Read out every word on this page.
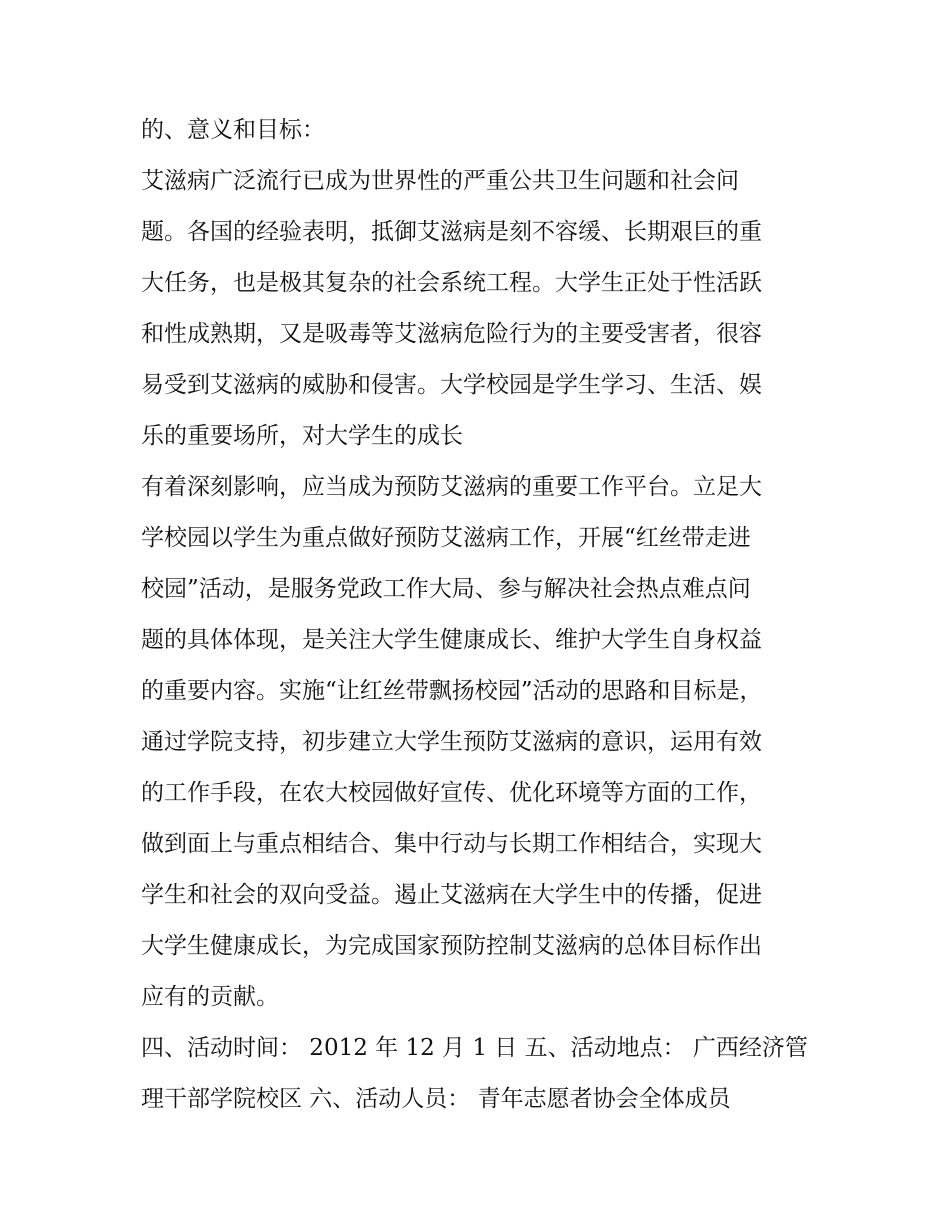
的、意义和目标：
艾滋病广泛流行已成为世界性的严重公共卫生问题和社会问
题。各国的经验表明，抵御艾滋病是刻不容缓、长期艰巨的重
大任务，也是极其复杂的社会系统工程。大学生正处于性活跃
和性成熟期，又是吸毒等艾滋病危险行为的主要受害者，很容
易受到艾滋病的威胁和侵害。大学校园是学生学习、生活、娱
乐的重要场所，对大学生的成长
有着深刻影响，应当成为预防艾滋病的重要工作平台。立足大
学校园以学生为重点做好预防艾滋病工作，开展“红丝带走进
校园”活动，是服务党政工作大局、参与解决社会热点难点问
题的具体体现，是关注大学生健康成长、维护大学生自身权益
的重要内容。实施“让红丝带飘扬校园”活动的思路和目标是，
通过学院支持，初步建立大学生预防艾滋病的意识，运用有效
的工作手段，在农大校园做好宣传、优化环境等方面的工作，
做到面上与重点相结合、集中行动与长期工作相结合，实现大
学生和社会的双向受益。遏止艾滋病在大学生中的传播，促进
大学生健康成长，为完成国家预防控制艾滋病的总体目标作出
应有的贡献。
四、活动时间： 2012 年 12 月 1 日 五、活动地点： 广西经济管
理干部学院校区 六、活动人员： 青年志愿者协会全体成员
